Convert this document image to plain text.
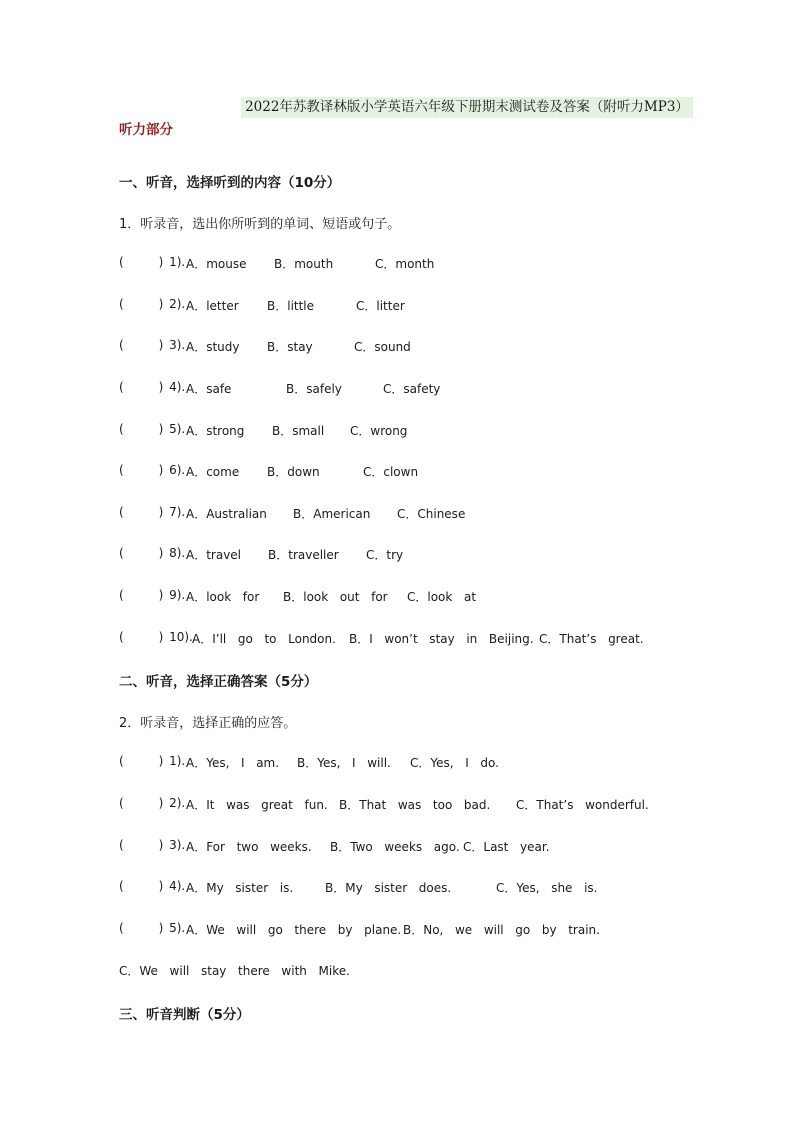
2022年苏教译林版小学英语六年级下册期末测试卷及答案（附听力MP3）
听力部分
一、听音，选择听到的内容（10分）
1．听录音，选出你所听到的单词、短语或句子。

(      ) 1).

A．mouse

B．mouth

	C．month

(      ) 2).

A．letter

B．little

	C．litter

(      ) 3).

A．study

B．stay

	C．sound

(      ) 4).

A．safe

	B．safely

	C．safety

(      ) 5).

A．strong

B．small

C．wrong

(      ) 6).

A．come

B．down

	C．clown

(      ) 7).

A．Australian

B．American

C．Chinese

(      ) 8).

A．travel

B．traveller

C．try

(      ) 9).

A．look  for

B．look  out  for

C．look  at

(      ) 10).

A．I’ll  go  to  London.

B．I  won’t  stay  in  Beijing.

C．That’s  great.

二、听音，选择正确答案（5分）
2．听录音，选择正确的应答。

(      ) 1).

A．Yes,  I  am.

B．Yes,  I  will.

C．Yes,  I  do.

(      ) 2).

A．It  was  great  fun.

B．That  was  too  bad.

C．That’s  wonderful.

(      ) 3).

A．For  two  weeks.

B．Two  weeks  ago.

C．Last  year.

(      ) 4).

A．My  sister  is.

	B．My  sister  does.

	C．Yes,  she  is.

(      ) 5).

A．We  will  go  there  by  plane.

B．No,  we  will  go  by  train.

C．We  will  stay  there  with  Mike.
三、听音判断（5分）
